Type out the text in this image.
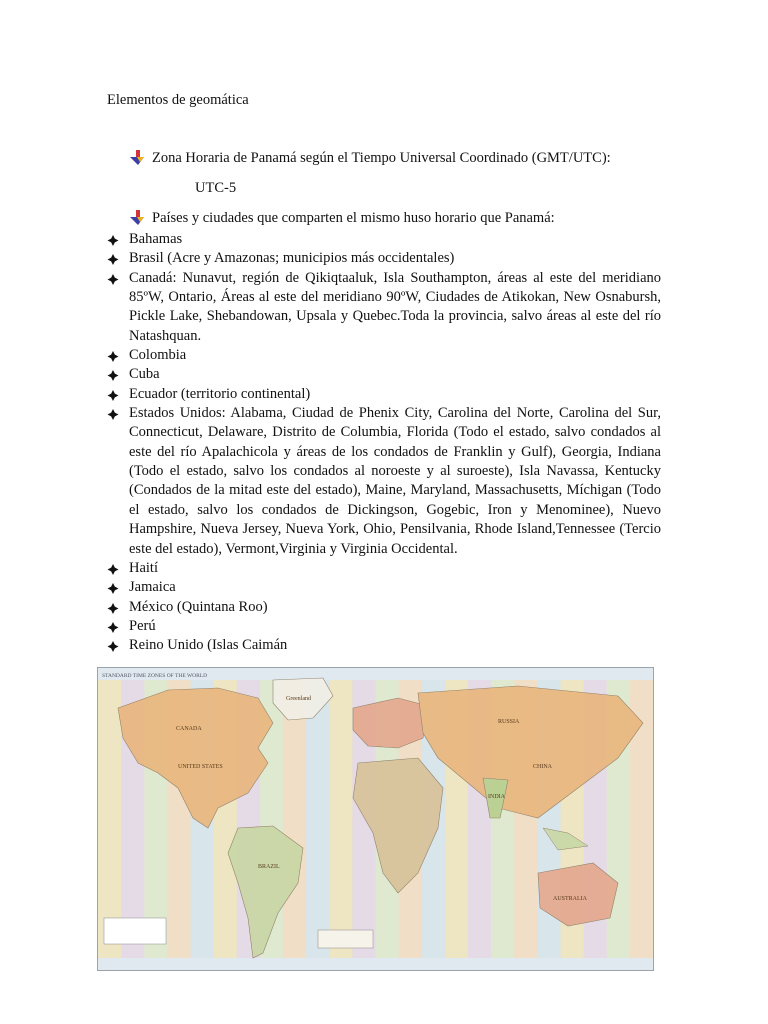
Elementos de geomática
Zona Horaria de Panamá según el Tiempo Universal Coordinado (GMT/UTC):
UTC-5
Países y ciudades que comparten el mismo huso horario que Panamá:
Bahamas
Brasil (Acre y Amazonas; municipios más occidentales)
Canadá: Nunavut, región de Qikiqtaaluk, Isla Southampton, áreas al este del meridiano 85ºW, Ontario, Áreas al este del meridiano 90ºW, Ciudades de Atikokan, New Osnabursh, Pickle Lake, Shebandowan, Upsala y Quebec.Toda la provincia, salvo áreas al este del río Natashquan.
Colombia
Cuba
Ecuador (territorio continental)
Estados Unidos: Alabama, Ciudad de Phenix City, Carolina del Norte, Carolina del Sur, Connecticut, Delaware, Distrito de Columbia, Florida (Todo el estado, salvo condados al este del río Apalachicola y áreas de los condados de Franklin y Gulf), Georgia, Indiana (Todo el estado, salvo los condados al noroeste y al suroeste), Isla Navassa, Kentucky (Condados de la mitad este del estado), Maine, Maryland, Massachusetts, Míchigan (Todo el estado, salvo los condados de Dickingson, Gogebic, Iron y Menominee), Nuevo Hampshire, Nueva Jersey, Nueva York, Ohio, Pensilvania, Rhode Island,Tennessee (Tercio este del estado), Vermont,Virginia y Virginia Occidental.
Haití
Jamaica
México (Quintana Roo)
Perú
Reino Unido (Islas Caimán
STANDARD TIME ZONES OF THE WORLD
Greenland
CANADA
UNITED STATES
BRAZIL
RUSSIA
CHINA
INDIA
AUSTRALIA
